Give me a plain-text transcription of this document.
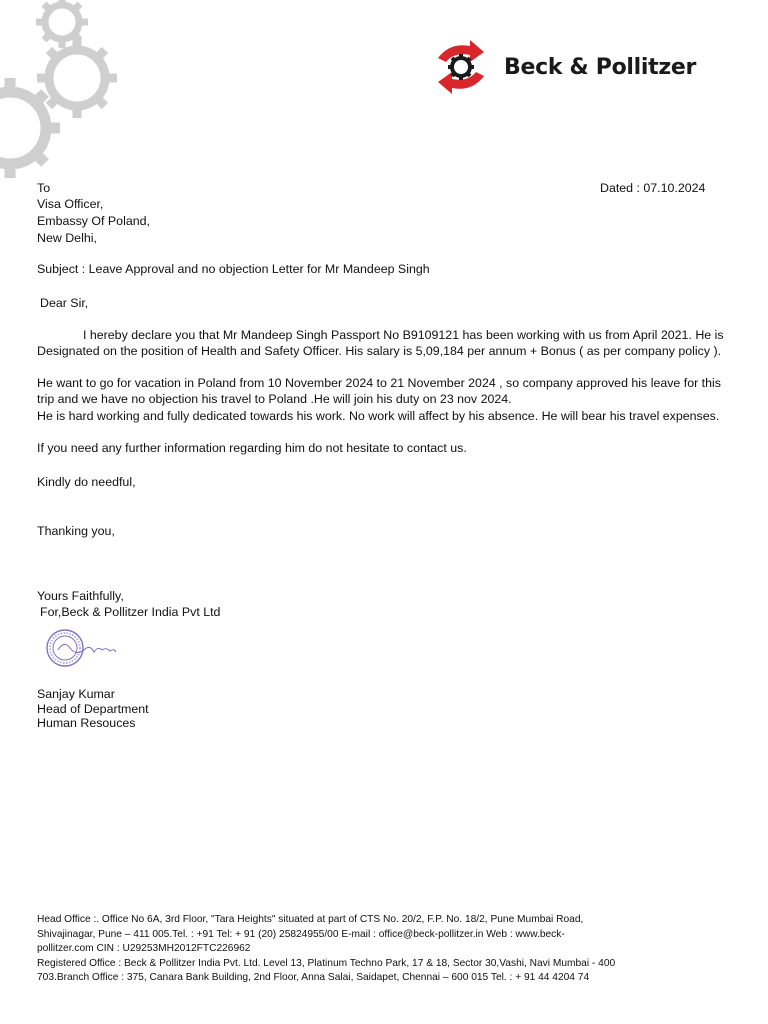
Beck & Pollitzer
To	Dated : 07.10.2024
Visa Officer,
Embassy Of Poland,
New Delhi,
Subject : Leave Approval and no objection Letter for Mr Mandeep Singh
Dear Sir,
I hereby declare you that Mr Mandeep Singh Passport No B9109121 has been working with us from April 2021. He is Designated on the position of Health and Safety Officer. His salary is 5,09,184 per annum + Bonus ( as per company policy ).
He want to go for vacation in Poland from 10 November 2024 to 21 November 2024 , so company approved his leave for this trip and we have no objection his travel to Poland .He will join his duty on 23 nov 2024.
He is hard working and fully dedicated towards his work. No work will affect by his absence. He will bear his travel expenses.
If you need any further information regarding him do not hesitate to contact us.
Kindly do needful,
Thanking you,
Yours Faithfully,
For,Beck & Pollitzer India Pvt Ltd
Sanjay Kumar
Head of Department
Human Resouces
Head Office :. Office No 6A, 3rd Floor, "Tara Heights" situated at part of CTS No. 20/2, F.P. No. 18/2, Pune Mumbai Road,
Shivajinagar, Pune – 411 005.Tel. : +91 Tel: + 91 (20) 25824955/00 E-mail : office@beck-pollitzer.in Web : www.beck-
pollitzer.com CIN : U29253MH2012FTC226962
Registered Office : Beck & Pollitzer India Pvt. Ltd. Level 13, Platinum Techno Park, 17 & 18, Sector 30,Vashi, Navi Mumbai - 400
703.Branch Office : 375, Canara Bank Building, 2nd Floor, Anna Salai, Saidapet, Chennai – 600 015 Tel. : + 91 44 4204 74
